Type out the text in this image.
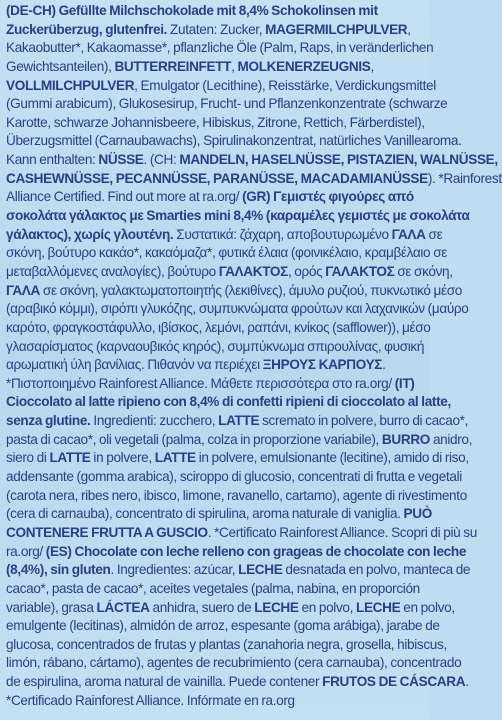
(DE-CH) Gefüllte Milchschokolade mit 8,4% Schokolinsen mit
Zuckerüberzug, glutenfrei. Zutaten: Zucker, MAGERMILCHPULVER,
Kakaobutter*, Kakaomasse*, pflanzliche Öle (Palm, Raps, in veränderlichen
Gewichtsanteilen), BUTTERREINFETT, MOLKENERZEUGNIS,
VOLLMILCHPULVER, Emulgator (Lecithine), Reisstärke, Verdickungsmittel
(Gummi arabicum), Glukosesirup, Frucht- und Pflanzenkonzentrate (schwarze
Karotte, schwarze Johannisbeere, Hibiskus, Zitrone, Rettich, Färberdistel),
Überzugsmittel (Carnaubawachs), Spirulinakonzentrat, natürliches Vanillearoma.
Kann enthalten: NÜSSE. (CH: MANDELN, HASELNÜSSE, PISTAZIEN, WALNÜSSE,
CASHEWNÜSSE, PECANNÜSSE, PARANÜSSE, MACADAMIANÜSSE). *Rainforest
Alliance Certified. Find out more at ra.org/ (GR) Γεμιστές φιγούρες από
σοκολάτα γάλακτος με Smarties mini 8,4% (καραμέλες γεμιστές με σοκολάτα
γάλακτος), χωρίς γλουτένη. Συστατικά: ζάχαρη, αποβουτυρωμένο ΓΑΛΑ σε
σκόνη, βούτυρο κακάο*, κακαόμαζα*, φυτικά έλαια (φοινικέλαιο, κραμβέλαιο σε
μεταβαλλόμενες αναλογίες), βούτυρο ΓΑΛΑΚΤΟΣ, ορός ΓΑΛΑΚΤΟΣ σε σκόνη,
ΓΑΛΑ σε σκόνη, γαλακτωματοποιητής (λεκιθίνες), άμυλο ρυζιού, πυκνωτικό μέσο
(αραβικό κόμμι), σιρόπι γλυκόζης, συμπυκνώματα φρούτων και λαχανικών (μαύρο
καρότο, φραγκοστάφυλλο, ιβίσκος, λεμόνι, ραπάνι, κνίκος (safflower)), μέσο
γλασαρίσματος (καρναουβικός κηρός), συμπύκνωμα σπιρουλίνας, φυσική
αρωματική ύλη βανίλιας. Πιθανόν να περιέχει ΞΗΡΟΥΣ ΚΑΡΠΟΥΣ.
*Πιστοποιημένο Rainforest Alliance. Μάθετε περισσότερα στο ra.org/ (IT)
Cioccolato al latte ripieno con 8,4% di confetti ripieni di cioccolato al latte,
senza glutine. Ingredienti: zucchero, LATTE scremato in polvere, burro di cacao*,
pasta di cacao*, oli vegetali (palma, colza in proporzione variabile), BURRO anidro,
siero di LATTE in polvere, LATTE in polvere, emulsionante (lecitine), amido di riso,
addensante (gomma arabica), sciroppo di glucosio, concentrati di frutta e vegetali
(carota nera, ribes nero, ibisco, limone, ravanello, cartamo), agente di rivestimento
(cera di carnauba), concentrato di spirulina, aroma naturale di vaniglia. PUÒ
CONTENERE FRUTTA A GUSCIO. *Certificato Rainforest Alliance. Scopri di più su
ra.org/ (ES) Chocolate con leche relleno con grageas de chocolate con leche
(8,4%), sin gluten. Ingredientes: azúcar, LECHE desnatada en polvo, manteca de
cacao*, pasta de cacao*, aceites vegetales (palma, nabina, en proporción
variable), grasa LÁCTEA anhidra, suero de LECHE en polvo, LECHE en polvo,
emulgente (lecitinas), almidón de arroz, espesante (goma arábiga), jarabe de
glucosa, concentrados de frutas y plantas (zanahoria negra, grosella, hibiscus,
limón, rábano, cártamo), agentes de recubrimiento (cera carnauba), concentrado
de espirulina, aroma natural de vainilla. Puede contener FRUTOS DE CÁSCARA.
*Certificado Rainforest Alliance. Infórmate en ra.org
